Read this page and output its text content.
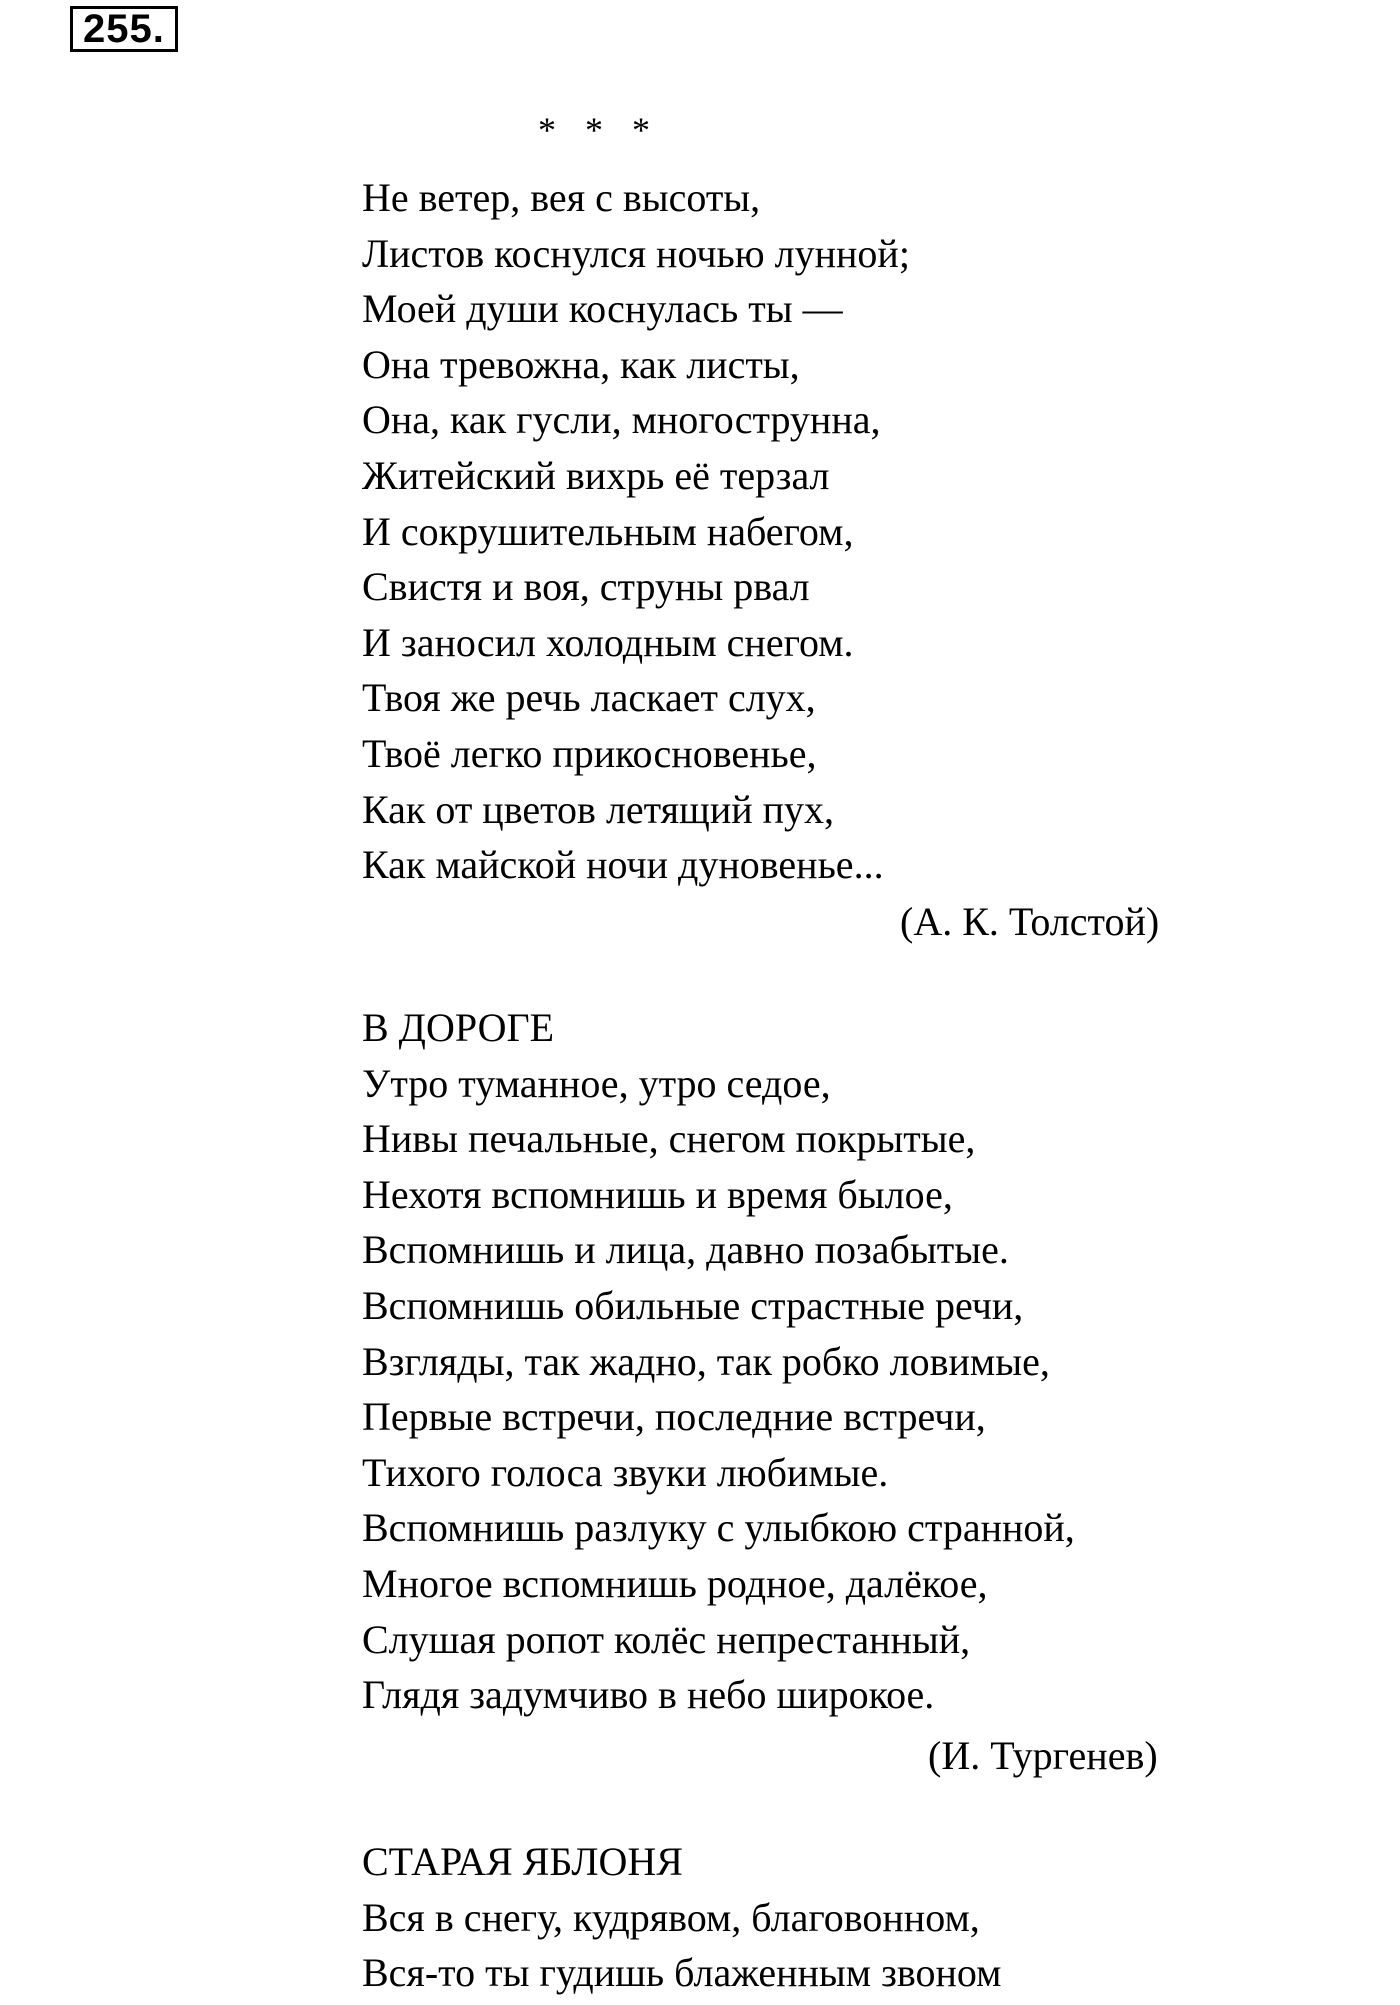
255.
* * *
Не ветер, вея с высоты,
Листов коснулся ночью лунной;
Моей души коснулась ты —
Она тревожна, как листы,
Она, как гусли, многострунна,
Житейский вихрь её терзал
И сокрушительным набегом,
Свистя и воя, струны рвал
И заносил холодным снегом.
Твоя же речь ласкает слух,
Твоё легко прикосновенье,
Как от цветов летящий пух,
Как майской ночи дуновенье...
(А. К. Толстой)
В ДОРОГЕ
Утро туманное, утро седое,
Нивы печальные, снегом покрытые,
Нехотя вспомнишь и время былое,
Вспомнишь и лица, давно позабытые.
Вспомнишь обильные страстные речи,
Взгляды, так жадно, так робко ловимые,
Первые встречи, последние встречи,
Тихого голоса звуки любимые.
Вспомнишь разлуку с улыбкою странной,
Многое вспомнишь родное, далёкое,
Слушая ропот колёс непрестанный,
Глядя задумчиво в небо широкое.
(И. Тургенев)
СТАРАЯ ЯБЛОНЯ
Вся в снегу, кудрявом, благовонном,
Вся-то ты гудишь блаженным звоном
